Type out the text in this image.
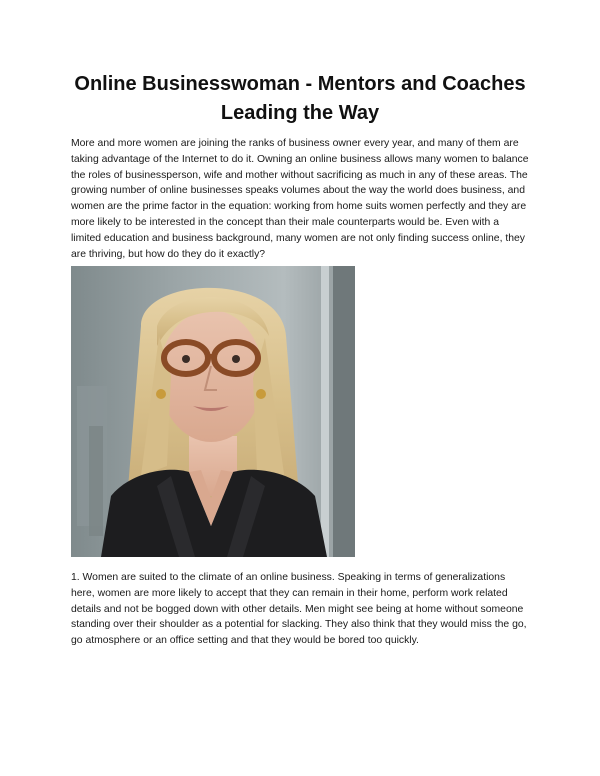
Online Businesswoman - Mentors and Coaches Leading the Way

More and more women are joining the ranks of business owner every year, and many of them are taking advantage of the Internet to do it. Owning an online business allows many women to balance the roles of businessperson, wife and mother without sacrificing as much in any of these areas. The growing number of online businesses speaks volumes about the way the world does business, and women are the prime factor in the equation: working from home suits women perfectly and they are more likely to be interested in the concept than their male counterparts would be. Even with a limited education and business background, many women are not only finding success online, they are thriving, but how do they do it exactly?

1. Women are suited to the climate of an online business. Speaking in terms of generalizations here, women are more likely to accept that they can remain in their home, perform work related details and not be bogged down with other details. Men might see being at home without someone standing over their shoulder as a potential for slacking. They also think that they would miss the go, go atmosphere or an office setting and that they would be bored too quickly.
